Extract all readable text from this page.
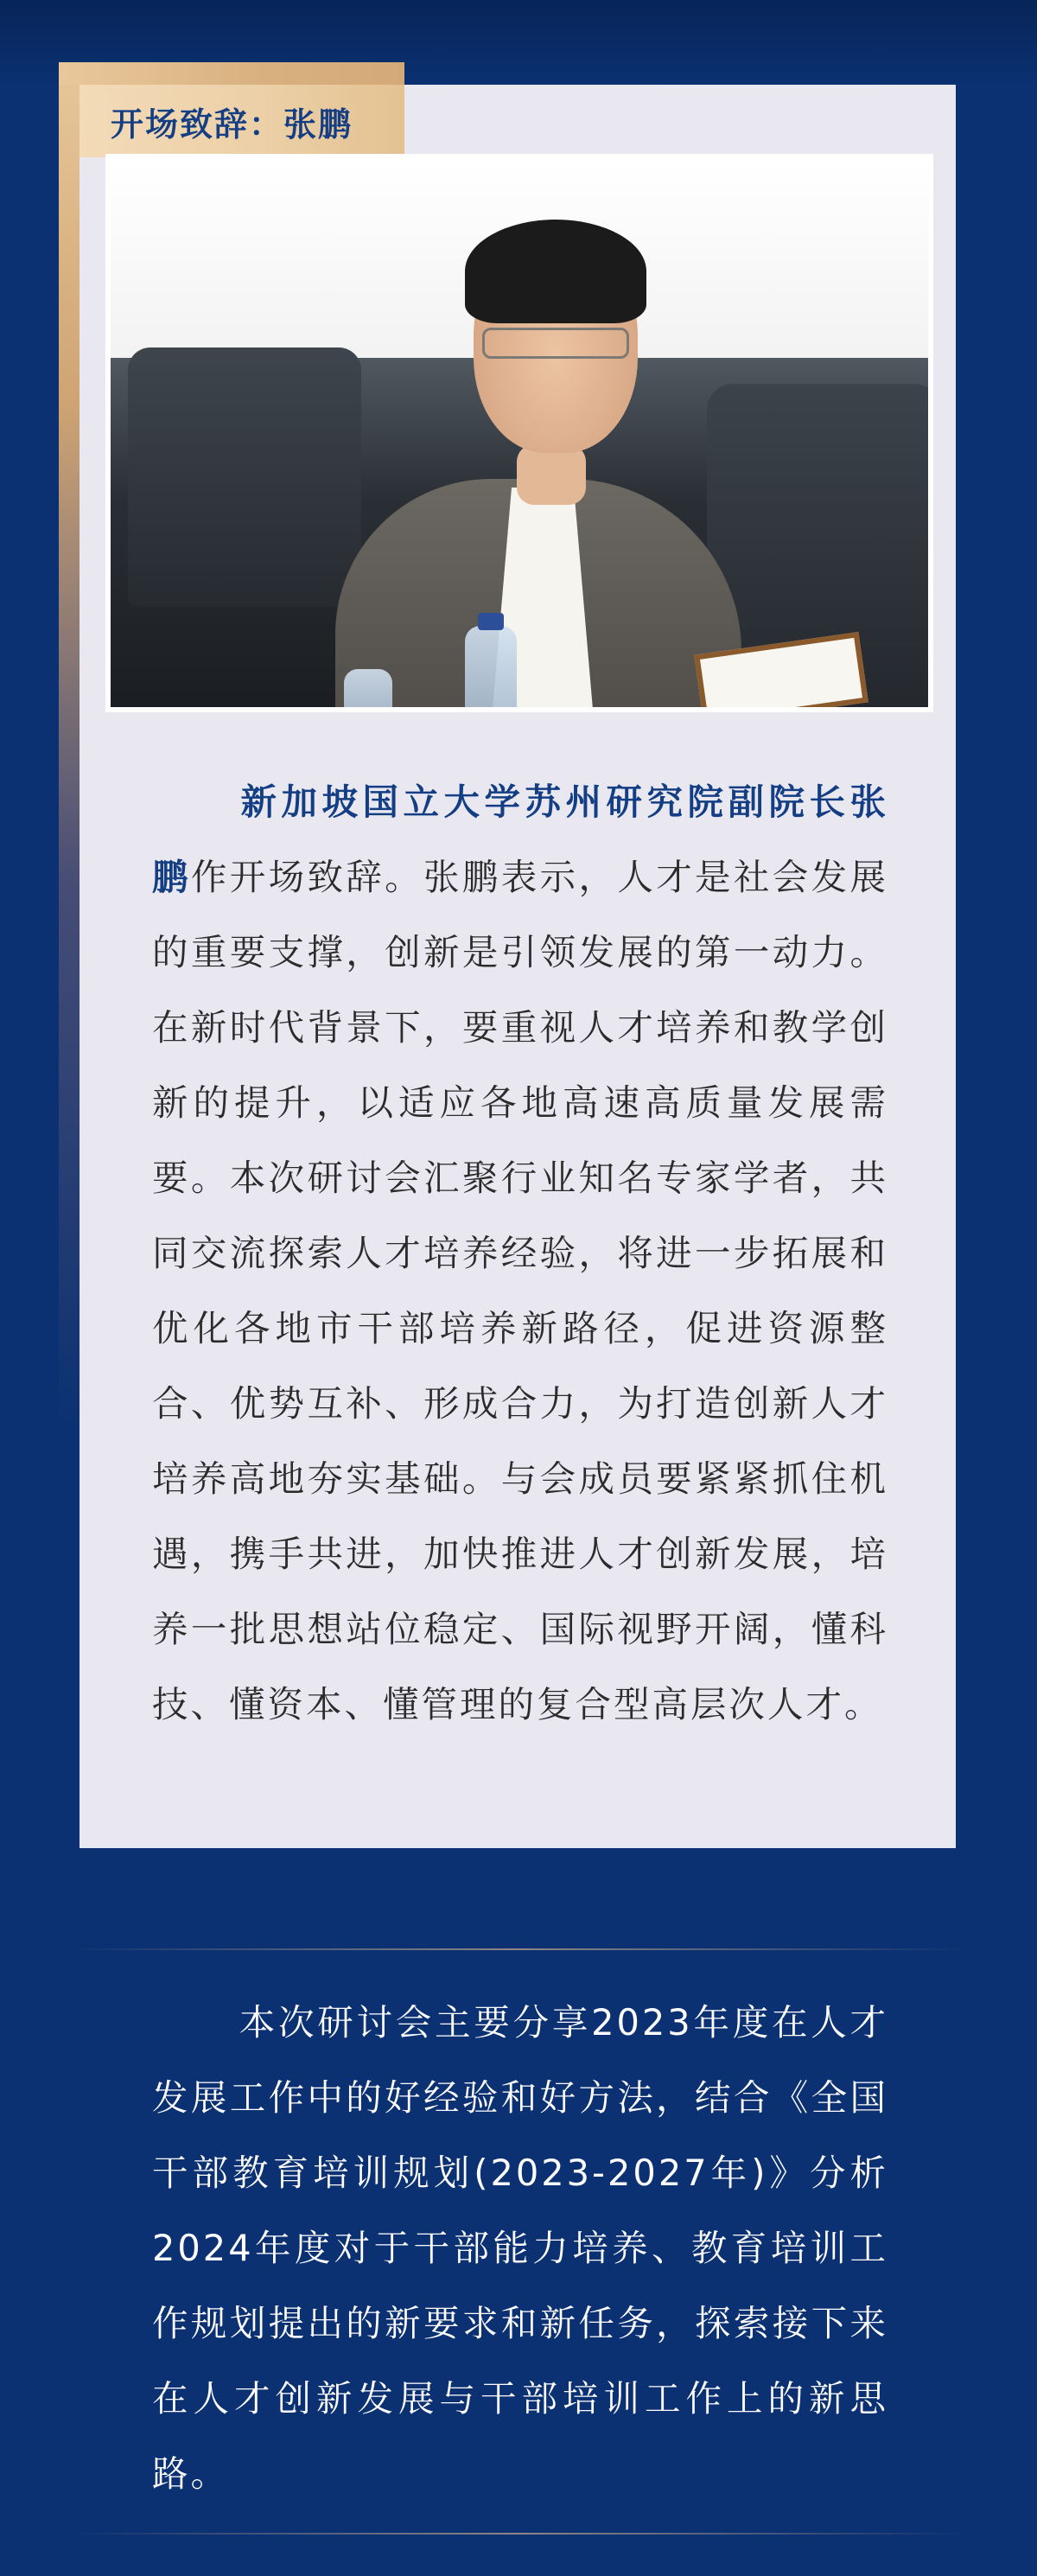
开场致辞：张鹏
新加坡国立大学苏州研究院副院长张鹏作开场致辞。张鹏表示，人才是社会发展的重要支撑，创新是引领发展的第一动力。在新时代背景下，要重视人才培养和教学创新的提升，以适应各地高速高质量发展需要。本次研讨会汇聚行业知名专家学者，共同交流探索人才培养经验，将进一步拓展和优化各地市干部培养新路径，促进资源整合、优势互补、形成合力，为打造创新人才培养高地夯实基础。与会成员要紧紧抓住机遇，携手共进，加快推进人才创新发展，培养一批思想站位稳定、国际视野开阔，懂科技、懂资本、懂管理的复合型高层次人才。
本次研讨会主要分享2023年度在人才发展工作中的好经验和好方法，结合《全国干部教育培训规划(2023-2027年)》分析2024年度对于干部能力培养、教育培训工作规划提出的新要求和新任务，探索接下来在人才创新发展与干部培训工作上的新思路。
